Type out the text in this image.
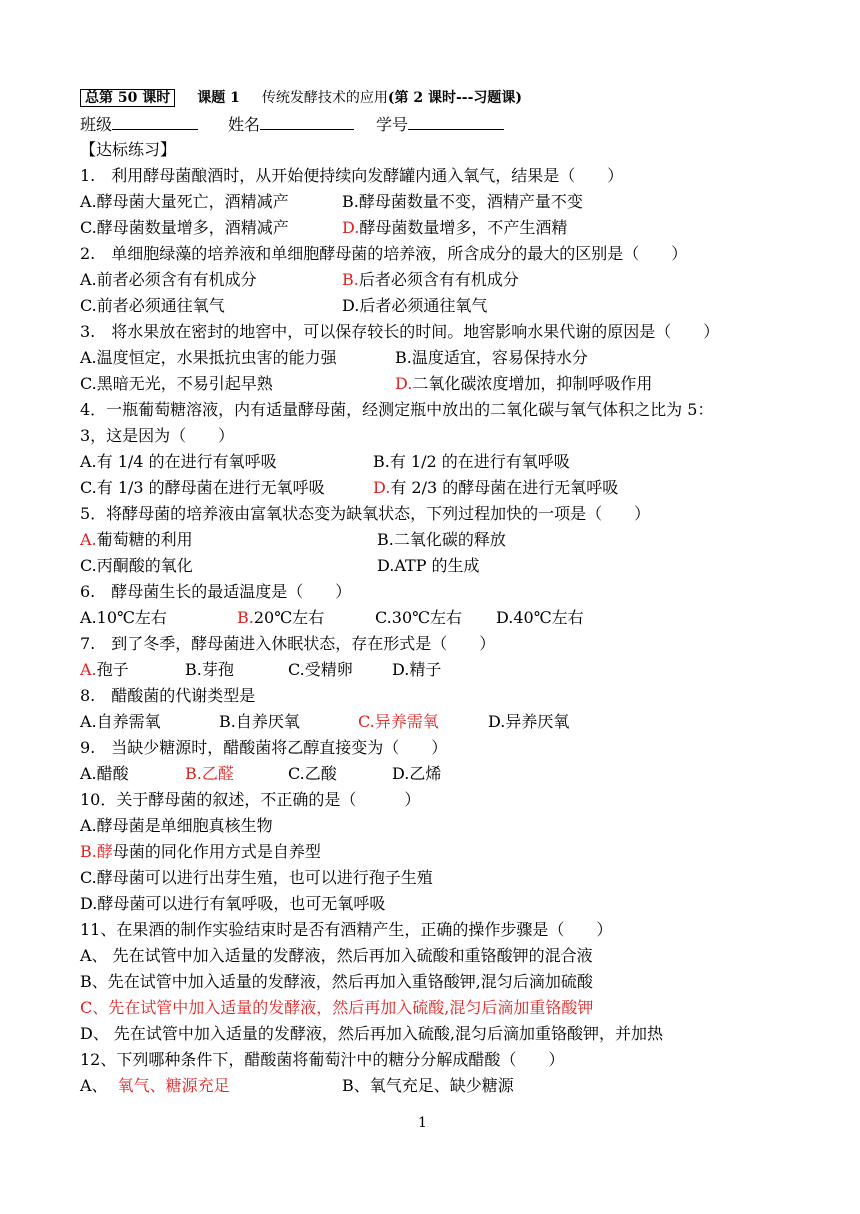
总第 50 课时 课题 1 传统发酵技术的应用(第 2 课时---习题课)
班级	姓名	学号
【达标练习】
1.　利用酵母菌酿酒时，从开始便持续向发酵罐内通入氧气，结果是（　　）
A.酵母菌大量死亡，酒精减产	B.酵母菌数量不变，酒精产量不变
C.酵母菌数量增多，酒精减产	D.酵母菌数量增多，不产生酒精
2.　单细胞绿藻的培养液和单细胞酵母菌的培养液，所含成分的最大的区别是（　　）
A.前者必须含有有机成分	B.后者必须含有有机成分
C.前者必须通往氧气	D.后者必须通往氧气
3.　将水果放在密封的地窖中，可以保存较长的时间。地窖影响水果代谢的原因是（　　）
A.温度恒定，水果抵抗虫害的能力强	B.温度适宜，容易保持水分
C.黑暗无光，不易引起早熟	D.二氧化碳浓度增加，抑制呼吸作用
4．一瓶葡萄糖溶液，内有适量酵母菌，经测定瓶中放出的二氧化碳与氧气体积之比为 5：
3，这是因为（　　）
A.有 1/4 的在进行有氧呼吸	B.有 1/2 的在进行有氧呼吸
C.有 1/3 的酵母菌在进行无氧呼吸	D.有 2/3 的酵母菌在进行无氧呼吸
5．将酵母菌的培养液由富氧状态变为缺氧状态，下列过程加快的一项是（　　）
A.葡萄糖的利用	B.二氧化碳的释放
C.丙酮酸的氧化	D.ATP 的生成
6.　酵母菌生长的最适温度是（　　）
A.10℃左右	B.20℃左右	C.30℃左右 D.40℃左右
7.　到了冬季，酵母菌进入休眠状态，存在形式是（　　）
A.孢子	B.芽孢	C.受精卵 D.精子
8.　醋酸菌的代谢类型是
A.自养需氧	B.自养厌氧	C.异养需氧	D.异养厌氧
9.　当缺少糖源时，醋酸菌将乙醇直接变为（　　）
A.醋酸	B.乙醛	C.乙酸	D.乙烯
10．关于酵母菌的叙述，不正确的是（　　　）
A.酵母菌是单细胞真核生物
B.酵母菌的同化作用方式是自养型
C.酵母菌可以进行出芽生殖，也可以进行孢子生殖
D.酵母菌可以进行有氧呼吸，也可无氧呼吸
11、在果酒的制作实验结束时是否有酒精产生，正确的操作步骤是（　　）
A、 先在试管中加入适量的发酵液，然后再加入硫酸和重铬酸钾的混合液
B、先在试管中加入适量的发酵液，然后再加入重铬酸钾,混匀后滴加硫酸
C、先在试管中加入适量的发酵液，然后再加入硫酸,混匀后滴加重铬酸钾
D、 先在试管中加入适量的发酵液，然后再加入硫酸,混匀后滴加重铬酸钾，并加热
12、下列哪种条件下，醋酸菌将葡萄汁中的糖分分解成醋酸（　　）
A、 氧气、糖源充足	B、氧气充足、缺少糖源
1
